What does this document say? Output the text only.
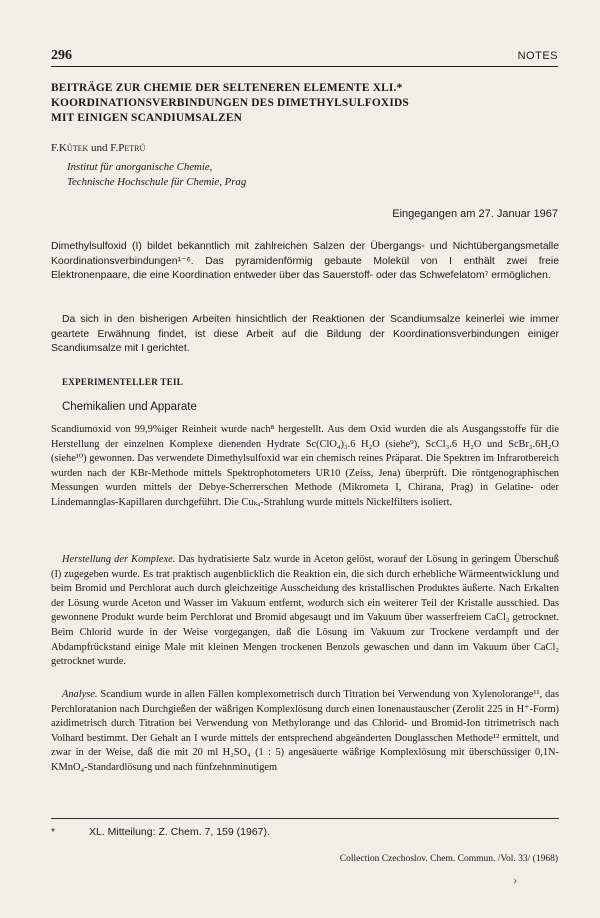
296	NOTES
BEITRÄGE ZUR CHEMIE DER SELTENEREN ELEMENTE XLI.*
KOORDINATIONSVERBINDUNGEN DES DIMETHYLSULFOXIDS
MIT EINIGEN SCANDIUMSALZEN
F.Kůtek und F.Petrů
Institut für anorganische Chemie,
Technische Hochschule für Chemie, Prag
Eingegangen am 27. Januar 1967

Dimethylsulfoxid (I) bildet bekanntlich mit zahlreichen Salzen der Übergangs- und Nichtübergangsmetalle Koordinationsverbindungen¹⁻⁶. Das pyramidenförmig gebaute Molekül von I enthält zwei freie Elektronenpaare, die eine Koordination entweder über das Sauerstoff- oder das Schwefelatom⁷ ermöglichen.

Da sich in den bisherigen Arbeiten hinsichtlich der Reaktionen der Scandiumsalze keinerlei wie immer geartete Erwähnung findet, ist diese Arbeit auf die Bildung der Koordinationsverbindungen einiger Scandiumsalze mit I gerichtet.

EXPERIMENTELLER TEIL
Chemikalien und Apparate

Scandiumoxid von 99,9%iger Reinheit wurde nach⁸ hergestellt. Aus dem Oxid wurden die als Ausgangsstoffe für die Herstellung der einzelnen Komplexe dienenden Hydrate Sc(ClO₄)₃.6 H₂O (siehe⁹), ScCl₃.6 H₂O und ScBr₃.6H₂O (siehe¹⁰) gewonnen. Das verwendete Dimethylsulfoxid war ein chemisch reines Präparat. Die Spektren im Infrarotbereich wurden nach der KBr-Methode mittels Spektrophotometers UR10 (Zeiss, Jena) überprüft. Die röntgenographischen Messungen wurden mittels der Debye-Scherrerschen Methode (Mikrometa I, Chirana, Prag) in Gelatine- oder Lindemannglas-Kapillaren durchgeführt. Die Cuₖₐ-Strahlung wurde mittels Nickelfilters isoliert.

Herstellung der Komplexe. Das hydratisierte Salz wurde in Aceton gelöst, worauf der Lösung in geringem Überschuß (I) zugegeben wurde. Es trat praktisch augenblicklich die Reaktion ein, die sich durch erhebliche Wärmeentwicklung und beim Bromid und Perchlorat auch durch gleichzeitige Ausscheidung des kristallischen Produktes äußerte. Nach Erkalten der Lösung wurde Aceton und Wasser im Vakuum entfernt, wodurch sich ein weiterer Teil der Kristalle ausschied. Das gewonnene Produkt wurde beim Perchlorat und Bromid abgesaugt und im Vakuum über wasserfreiem CaCl₂ getrocknet. Beim Chlorid wurde in der Weise vorgegangen, daß die Lösung im Vakuum zur Trockene verdampft und der Abdampfrückstand einige Male mit kleinen Mengen trockenen Benzols gewaschen und dann im Vakuum über CaCl₂ getrocknet wurde.

Analyse. Scandium wurde in allen Fällen komplexometrisch durch Titration bei Verwendung von Xylenolorange¹¹, das Perchloratanion nach Durchgießen der wäßrigen Komplexlösung durch einen Ionenaustauscher (Zerolit 225 in H⁺-Form) azidimetrisch durch Titration bei Verwendung von Methylorange und das Chlorid- und Bromid-Ion titrimetrisch nach Volhard bestimmt. Der Gehalt an I wurde mittels der entsprechend abgeänderten Douglasschen Methode¹² ermittelt, und zwar in der Weise, daß die mit 20 ml H₂SO₄ (1 : 5) angesäuerte wäßrige Komplexlösung mit überschüssiger 0,1N-KMnO₄-Standardlösung und nach fünfzehnminutigem

*	XL. Mitteilung: Z. Chem. 7, 159 (1967).
Collection Czechoslov. Chem. Commun. /Vol. 33/ (1968)
›
